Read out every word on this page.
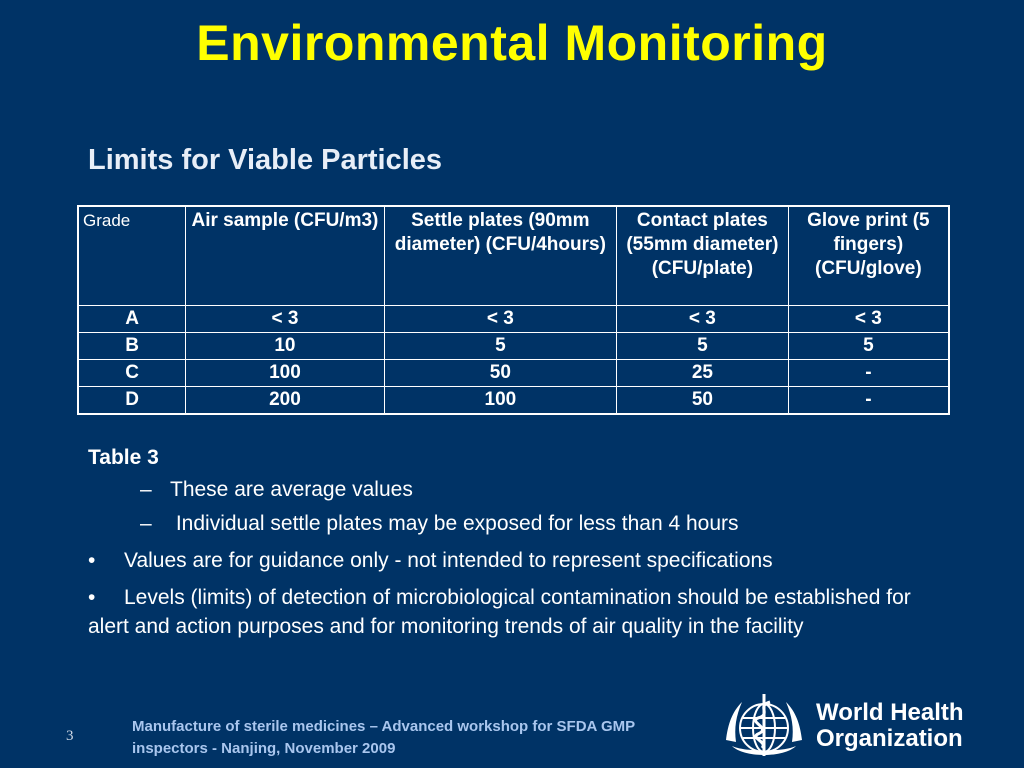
Environmental Monitoring
Limits for Viable Particles
Grade	Air sample (CFU/m3)	Settle plates (90mm diameter) (CFU/4hours)	Contact plates (55mm diameter) (CFU/plate)	Glove print (5 fingers) (CFU/glove)
A	< 3	< 3	< 3	< 3
B	10	5	5	5
C	100	50	25	-
D	200	100	50	-
Table 3
– These are average values
– Individual settle plates may be exposed for less than 4 hours
• Values are for guidance only - not intended to represent specifications
• Levels (limits) of detection of microbiological contamination should be established for alert and action purposes and for monitoring trends of air quality in the facility
3
Manufacture of sterile medicines – Advanced workshop for SFDA GMP inspectors - Nanjing, November 2009
World Health
Organization
